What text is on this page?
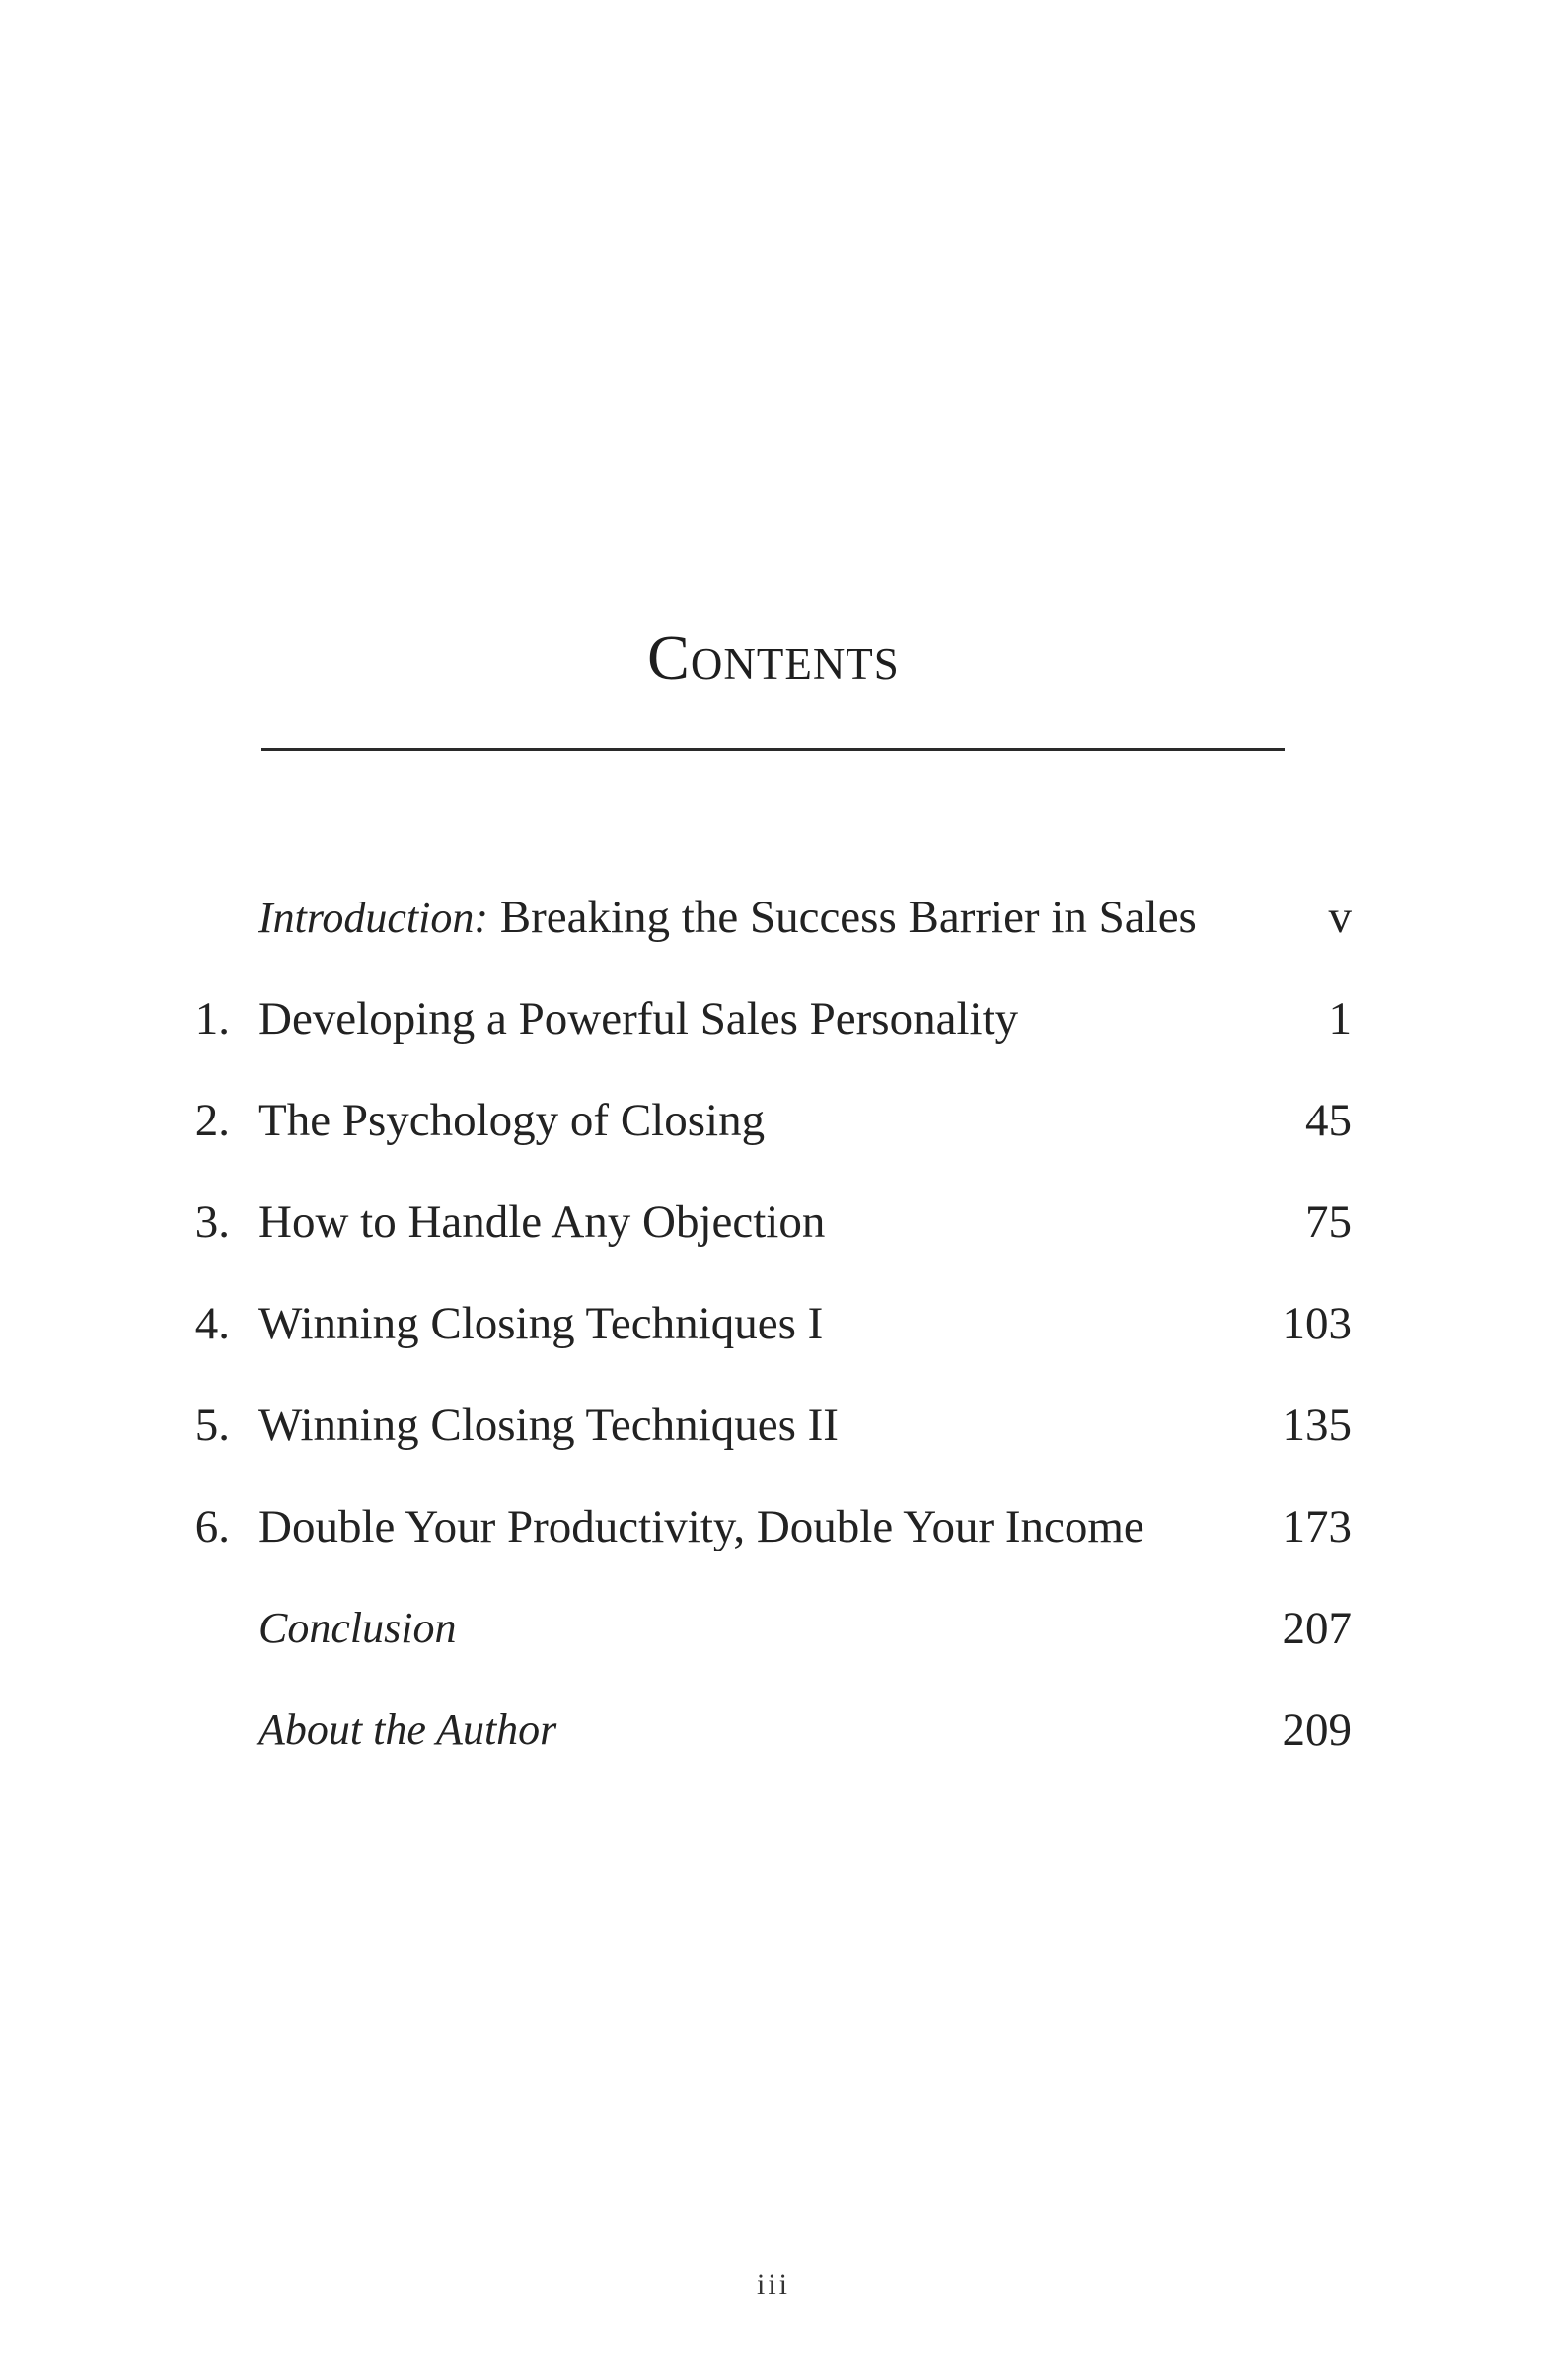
Contents
Introduction: Breaking the Success Barrier in Sales	v
1. Developing a Powerful Sales Personality	1
2. The Psychology of Closing	45
3. How to Handle Any Objection	75
4. Winning Closing Techniques I	103
5. Winning Closing Techniques II	135
6. Double Your Productivity, Double Your Income	173
Conclusion	207
About the Author	209
iii
